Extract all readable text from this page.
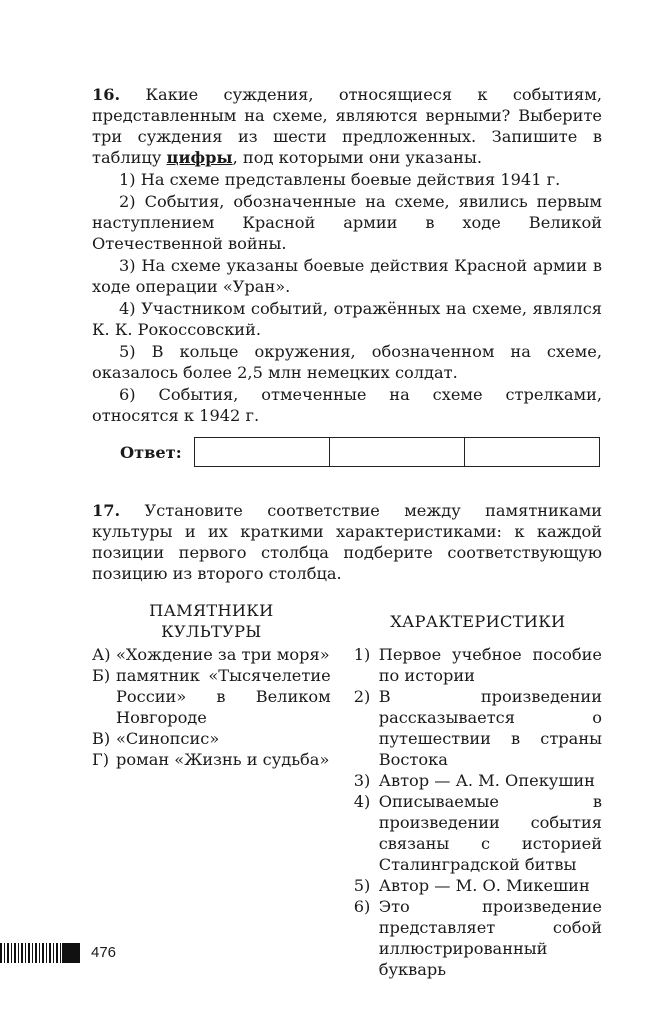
16. Какие суждения, относящиеся к событиям, представленным на схеме, являются верными? Выберите три суждения из шести предложенных. Запишите в таблицу цифры, под которыми они указаны.

1) На схеме представлены боевые действия 1941 г.

2) События, обозначенные на схеме, явились первым наступлением Красной армии в ходе Великой Отечественной войны.

3) На схеме указаны боевые действия Красной армии в ходе операции «Уран».

4) Участником событий, отражённых на схеме, являлся К. К. Рокоссовский.

5) В кольце окружения, обозначенном на схеме, оказалось более 2,5 млн немецких солдат.

6) События, отмеченные на схеме стрелками, относятся к 1942 г.

Ответ:

17. Установите соответствие между памятниками культуры и их краткими характеристиками: к каждой позиции первого столбца подберите соответствующую позицию из второго столбца.

ПАМЯТНИКИ
КУЛЬТУРЫ
А) «Хождение за три моря»
Б) памятник «Тысячелетие России» в Великом Новгороде
В) «Синопсис»
Г) роман «Жизнь и судьба»
ХАРАКТЕРИСТИКИ
1) Первое учебное пособие по истории
2) В произведении рассказывается о путешествии в страны Востока
3) Автор — А. М. Опекушин
4) Описываемые в произведении события связаны с историей Сталинградской битвы
5) Автор — М. О. Микешин
6) Это произведение представляет собой иллюстрированный букварь
476
